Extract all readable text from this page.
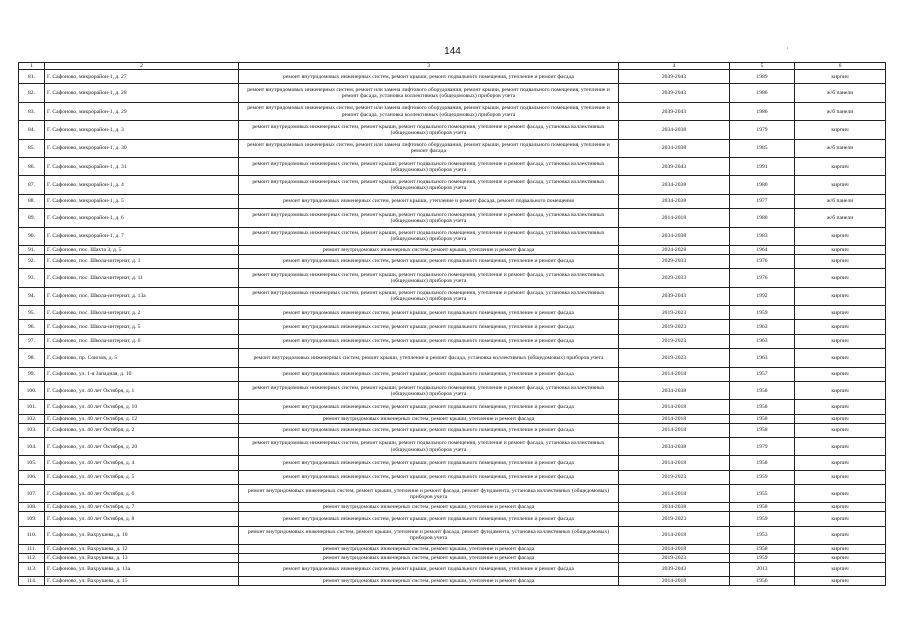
144	·
1	2	3	4	5	6
81.	Г. Сафоново, микрорайон-1, д. 27	ремонт внутридомовых инженерных систем, ремонт крыши, ремонт подвального помещения, утепление и ремонт фасада	2039-2043	1989	кирпич
82.	Г. Сафоново, микрорайон-1, д. 28	ремонт внутридомовых инженерных систем, ремонт или замена лифтового оборудования, ремонт крыши, ремонт подвального помещения, утепление и ремонт фасада, установка коллективных (общедомовых) приборов учета	2039-2043	1986	ж/б панели
83.	Г. Сафоново, микрорайон-1, д. 29	ремонт внутридомовых инженерных систем, ремонт или замена лифтового оборудования, ремонт крыши, ремонт подвального помещения, утепление и ремонт фасада, установка коллективных (общедомовых) приборов учета	2039-2043	1986	ж/б панели
84.	Г. Сафоново, микрорайон-1, д. 3	ремонт внутридомовых инженерных систем, ремонт крыши, ремонт подвального помещения, утепление и ремонт фасада, установка коллективных (общедомовых) приборов учета	2034-2038	1979	кирпич
85.	Г. Сафоново, микрорайон-1, д. 30	ремонт внутридомовых инженерных систем, ремонт или замена лифтового оборудования, ремонт крыши, ремонт подвального помещения, утепление и ремонт фасада	2034-2038	1985	ж/б панели
86.	Г. Сафоново, микрорайон-1, д. 31	ремонт внутридомовых инженерных систем, ремонт крыши, ремонт подвального помещения, утепление и ремонт фасада, установка коллективных (общедомовых) приборов учета	2039-2043	1991	кирпич
87.	Г. Сафоново, микрорайон-1, д. 4	ремонт внутридомовых инженерных систем, ремонт крыши, ремонт подвального помещения, утепление и ремонт фасада, установка коллективных (общедомовых) приборов учета	2034-2038	1980	кирпич
88.	Г. Сафоново, микрорайон-1, д. 5	ремонт внутридомовых инженерных систем, ремонт крыши, утепление и ремонт фасада, ремонт подвального помещения	2034-2038	1977	ж/б панели
89.	Г. Сафоново, микрорайон-1, д. 6	ремонт внутридомовых инженерных систем, ремонт крыши, ремонт подвального помещения, утепление и ремонт фасада, установка коллективных (общедомовых) приборов учета	2014-2018	1980	ж/б панели
90.	Г. Сафоново, микрорайон-1, д. 7	ремонт внутридомовых инженерных систем, ремонт крыши, ремонт подвального помещения, утепление и ремонт фасада, установка коллективных (общедомовых) приборов учета	2034-2038	1983	кирпич
91.	Г. Сафоново, пос. Шахта 3, д. 5	ремонт внутридомовых инженерных систем, ремонт крыши, утепление и ремонт фасада	2024-2028	1964	кирпич
92.	Г. Сафоново, пос. Школа-интернат, д. 1	ремонт внутридомовых инженерных систем, ремонт крыши, ремонт подвального помещения, утепление и ремонт фасада	2029-2033	1976	кирпич
93.	Г. Сафоново, пос. Школа-интернат, д. 11	ремонт внутридомовых инженерных систем, ремонт крыши, ремонт подвального помещения, утепление и ремонт фасада, установка коллективных (общедомовых) приборов учета	2029-2033	1976	кирпич
94.	Г. Сафоново, пос. Школа-интернат, д. 13а	ремонт внутридомовых инженерных систем, ремонт крыши, ремонт подвального помещения, утепление и ремонт фасада, установка коллективных (общедомовых) приборов учета	2039-2043	1992	кирпич
95.	Г. Сафоново, пос. Школа-интернат, д. 2	ремонт внутридомовых инженерных систем, ремонт крыши, ремонт подвального помещения, утепление и ремонт фасада	2019-2023	1959	кирпич
96.	Г. Сафоново, пос. Школа-интернат, д. 5	ремонт внутридомовых инженерных систем, ремонт крыши, ремонт подвального помещения, утепление и ремонт фасада	2019-2023	1963	кирпич
97.	Г. Сафоново, пос. Школа-интернат, д. 6	ремонт внутридомовых инженерных систем, ремонт крыши, ремонт подвального помещения, утепление и ремонт фасада	2019-2023	1963	кирпич
98.	Г. Сафоново, пр. Союзов, д. 5	ремонт внутридомовых инженерных систем, ремонт крыши, утепление и ремонт фасада, установка коллективных (общедомовых) приборов учета	2019-2023	1963	кирпич
99.	Г. Сафоново, ул. 1-я Западная, д. 10	ремонт внутридомовых инженерных систем, ремонт крыши, ремонт подвального помещения, утепление и ремонт фасада	2014-2018	1957	кирпич
100.	Г. Сафоново, ул. 40 лет Октября, д. 1	ремонт внутридомовых инженерных систем, ремонт крыши, ремонт подвального помещения, утепление и ремонт фасада, установка коллективных (общедомовых) приборов учета	2034-2038	1958	кирпич
101.	Г. Сафоново, ул. 40 лет Октября, д. 10	ремонт внутридомовых инженерных систем, ремонт крыши, ремонт подвального помещения, утепление и ремонт фасада	2014-2018	1958	кирпич
102.	Г. Сафоново, ул. 40 лет Октября, д. 12	ремонт внутридомовых инженерных систем, ремонт крыши, утепление и ремонт фасада	2014-2018	1958	кирпич
103.	Г. Сафоново, ул. 40 лет Октября, д. 2	ремонт внутридомовых инженерных систем, ремонт крыши, ремонт подвального помещения, утепление и ремонт фасада	2014-2018	1958	кирпич
104.	Г. Сафоново, ул. 40 лет Октября, д. 20	ремонт внутридомовых инженерных систем, ремонт крыши, ремонт подвального помещения, утепление и ремонт фасада, установка коллективных (общедомовых) приборов учета	2034-2038	1979	кирпич
105.	Г. Сафоново, ул. 40 лет Октября, д. 4	ремонт внутридомовых инженерных систем, ремонт крыши, ремонт подвального помещения, утепление и ремонт фасада	2014-2018	1958	кирпич
106.	Г. Сафоново, ул. 40 лет Октября, д. 5	ремонт внутридомовых инженерных систем, ремонт крыши, ремонт подвального помещения, утепление и ремонт фасада	2019-2023	1959	кирпич
107.	Г. Сафоново, ул. 40 лет Октября, д. 6	ремонт внутридомовых инженерных систем, ремонт крыши, утепление и ремонт фасада, ремонт фундамента, установка коллективных (общедомовых) приборов учета	2014-2018	1955	кирпич
108.	Г. Сафоново, ул. 40 лет Октября, д. 7	ремонт внутридомовых инженерных систем, ремонт крыши, утепление и ремонт фасада	2034-2038	1958	кирпич
109.	Г. Сафоново, ул. 40 лет Октября, д. 8	ремонт внутридомовых инженерных систем, ремонт крыши, ремонт подвального помещения, утепление и ремонт фасада	2019-2023	1959	кирпич
110.	Г. Сафоново, ул. Вахрушева, д. 10	ремонт внутридомовых инженерных систем, ремонт крыши, утепление и ремонт фасада, ремонт фундамента, установка коллективных (общедомовых) приборов учета	2014-2018	1953	кирпич
111.	Г. Сафоново, ул. Вахрушева, д. 12	ремонт внутридомовых инженерных систем, ремонт крыши, утепление и ремонт фасада	2014-2018	1958	кирпич
112.	Г. Сафоново, ул. Вахрушева, д. 13	ремонт внутридомовых инженерных систем, ремонт крыши, утепление и ремонт фасада	2019-2023	1959	кирпич
113.	Г. Сафоново, ул. Вахрушева, д. 13а	ремонт внутридомовых инженерных систем, ремонт крыши, ремонт подвального помещения, утепление и ремонт фасада	2039-2043	2013	кирпич
114.	Г. Сафоново, ул. Вахрушева, д. 15	ремонт внутридомовых инженерных систем, ремонт крыши, утепление и ремонт фасада	2014-2018	1956	кирпич
